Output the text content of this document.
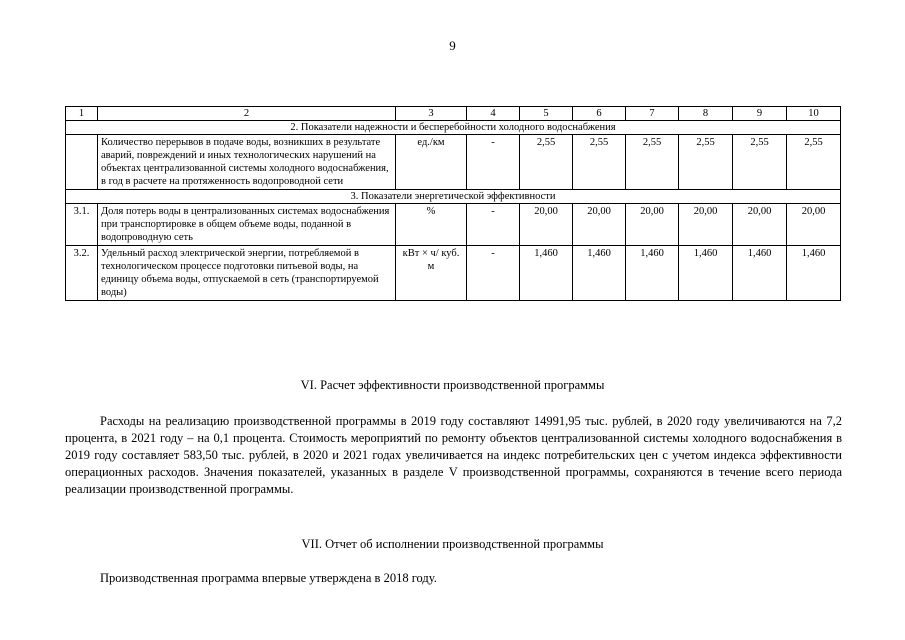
9
1	2	3	4	5	6	7	8	9	10
2. Показатели надежности и бесперебойности холодного водоснабжения									
	Количество перерывов в подаче воды, возникших в результате аварий, повреждений и иных технологических нарушений на объектах централизованной системы холодного водоснабжения, в год в расчете на протяженность водопроводной сети	ед./км	-	2,55	2,55	2,55	2,55	2,55	2,55
3. Показатели энергетической эффективности									
3.1.	Доля потерь воды в централизованных системах водоснабжения при транспортировке в общем объеме воды, поданной в водопроводную сеть	%	-	20,00	20,00	20,00	20,00	20,00	20,00
3.2.	Удельный расход электрической энергии, потребляемой в технологическом процессе подготовки питьевой воды, на единицу объема воды, отпускаемой в сеть (транспортируемой воды)	кВт × ч/ куб. м	-	1,460	1,460	1,460	1,460	1,460	1,460
VI. Расчет эффективности производственной программы

Расходы на реализацию производственной программы в 2019 году составляют 14991,95 тыс. рублей, в 2020 году увеличиваются на 7,2 процента, в 2021 году – на 0,1 процента. Стоимость мероприятий по ремонту объектов централизованной системы холодного водоснабжения в 2019 году составляет 583,50 тыс. рублей, в 2020 и 2021 годах увеличивается на индекс потребительских цен с учетом индекса эффективности операционных расходов. Значения показателей, указанных в разделе V производственной программы, сохраняются в течение всего периода реализации производственной программы.

VII. Отчет об исполнении производственной программы

Производственная программа впервые утверждена в 2018 году.
